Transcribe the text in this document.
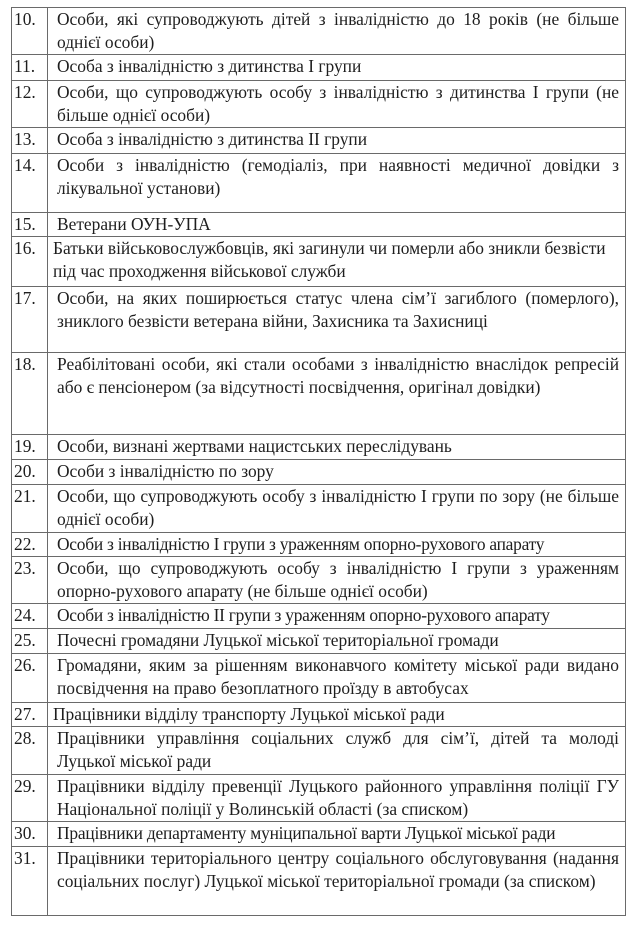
10.	Особи, які супроводжують дітей з інвалідністю до 18 років (не більше однієї особи)
11.	Особа з інвалідністю з дитинства І групи
12.	Особи, що супроводжують особу з інвалідністю з дитинства І групи (не більше однієї особи)
13.	Особа з інвалідністю з дитинства ІІ групи
14.	Особи з інвалідністю (гемодіаліз, при наявності медичної довідки з лікувальної установи)
15.	Ветерани ОУН-УПА
16.	Батьки військовослужбовців, які загинули чи померли або зникли безвісти під час проходження військової служби
17.	Особи, на яких поширюється статус члена сім’ї загиблого (померлого), зниклого безвісти ветерана війни, Захисника та Захисниці
18.	Реабілітовані особи, які стали особами з інвалідністю внаслідок репресій або є пенсіонером (за відсутності посвідчення, оригінал довідки)
19.	Особи, визнані жертвами нацистських переслідувань
20.	Особи з інвалідністю по зору
21.	Особи, що супроводжують особу з інвалідністю І групи по зору (не більше однієї особи)
22.	Особи з інвалідністю І групи з ураженням опорно-рухового апарату
23.	Особи, що супроводжують особу з інвалідністю І групи з ураженням опорно-рухового апарату (не більше однієї особи)
24.	Особи з інвалідністю ІІ групи з ураженням опорно-рухового апарату
25.	Почесні громадяни Луцької міської територіальної громади
26.	Громадяни, яким за рішенням виконавчого комітету міської ради видано посвідчення на право безоплатного проїзду в автобусах
27.	Працівники відділу транспорту Луцької міської ради
28.	Працівники управління соціальних служб для сім’ї, дітей та молоді Луцької міської ради
29.	Працівники відділу превенції Луцького районного управління поліції ГУ Національної поліції у Волинській області (за списком)
30.	Працівники департаменту муніципальної варти Луцької міської ради
31.	Працівники територіального центру соціального обслуговування (надання соціальних послуг) Луцької міської територіальної громади (за списком)
